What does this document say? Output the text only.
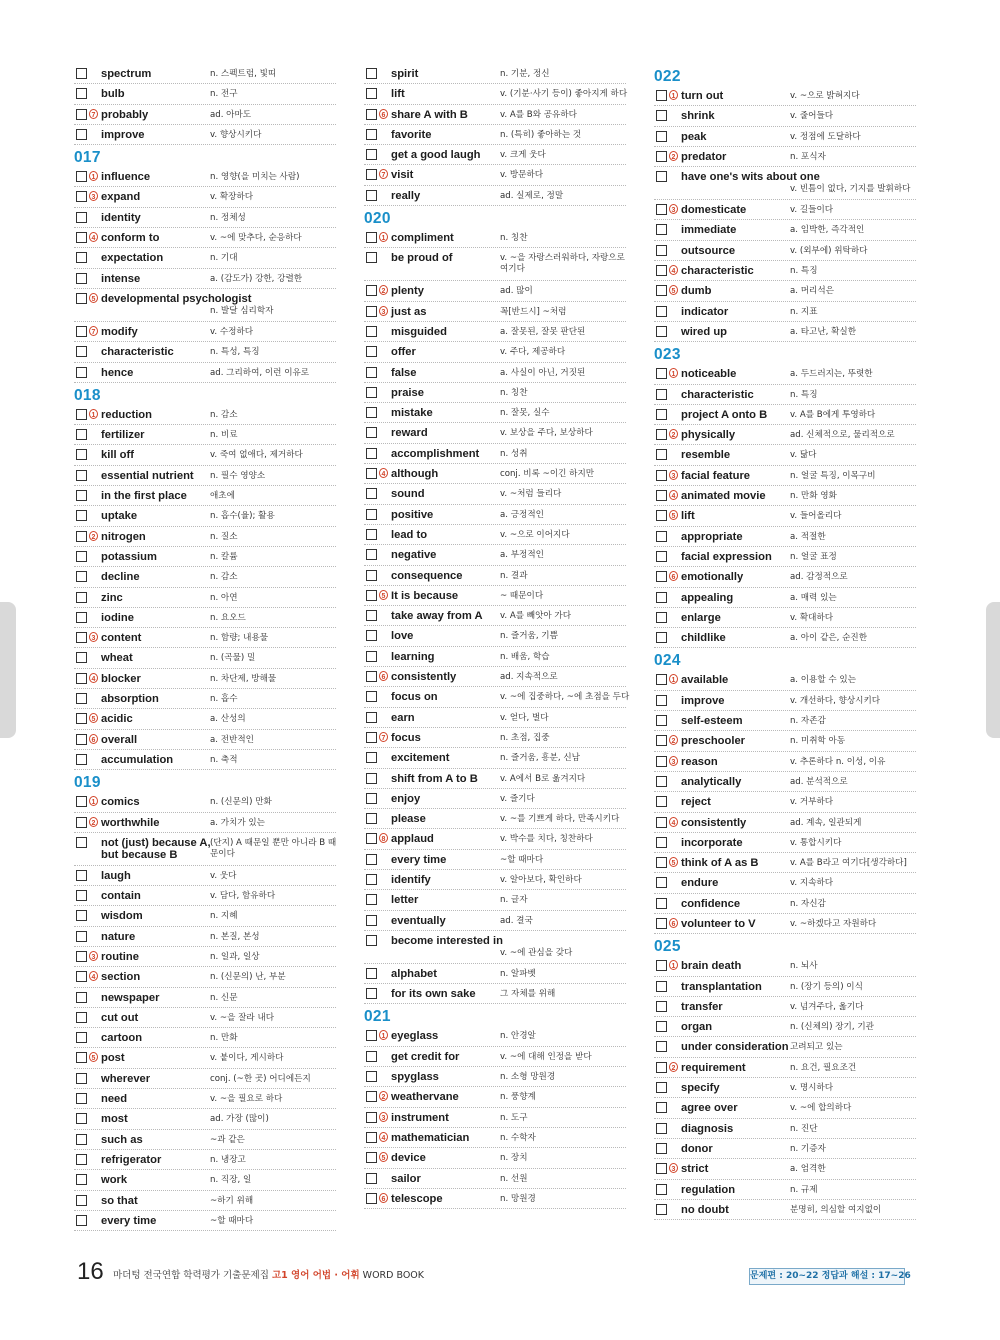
spectrum	n. 스펙트럼, 빛띠
bulb	n. 전구
7 probably	ad. 아마도
improve	v. 향상시키다
017
1 influence	n. 영향(을 미치는 사람)
3 expand	v. 확장하다
identity	n. 정체성
4 conform to	v. ~에 맞추다, 순응하다
expectation	n. 기대
intense	a. (감도가) 강한, 강렬한
5 developmental psychologist
n. 발달 심리학자
7 modify	v. 수정하다
characteristic	n. 특성, 특징
hence	ad. 그리하여, 이런 이유로
018
1 reduction	n. 감소
fertilizer	n. 비료
kill off	v. 죽여 없애다, 제거하다
essential nutrient n. 필수 영양소
in the first place	애초에
uptake	n. 흡수(율); 활용
2 nitrogen	n. 질소
potassium	n. 칼륨
decline	n. 감소
zinc	n. 아연
iodine	n. 요오드
3 content	n. 함량; 내용물
wheat	n. (곡물) 밀
4 blocker	n. 차단제, 방해물
absorption	n. 흡수
5 acidic	a. 산성의
6 overall	a. 전반적인
accumulation	n. 축적
019
1 comics	n. (신문의) 만화
2 worthwhile	a. 가치가 있는
not (just) because A, but because B
(단지) A 때문일 뿐만 아니라 B 때문이다
laugh	v. 웃다
contain	v. 담다, 함유하다
wisdom	n. 지혜
nature	n. 본질, 본성
3 routine	n. 일과, 일상
4 section	n. (신문의) 난, 부분
newspaper	n. 신문
cut out	v. ~을 잘라 내다
cartoon	n. 만화
5 post	v. 붙이다, 게시하다
wherever	conj. (~한 곳) 어디에든지
need	v. ~을 필요로 하다
most	ad. 가장 (많이)
such as	~과 같은
refrigerator	n. 냉장고
work	n. 직장, 일
so that	~하기 위해
every time	~할 때마다
spirit	n. 기분, 정신
lift	v. (기분·사기 등이) 좋아지게 하다
6 share A with B	v. A를 B와 공유하다
favorite	n. (특히) 좋아하는 것
get a good laugh v. 크게 웃다
7 visit	v. 방문하다
really	ad. 실제로, 정말
020
1 compliment	n. 칭찬
be proud of	v. ~을 자랑스러워하다, 자랑으로 여기다
2 plenty	ad. 많이
3 just as	꼭[반드시] ~처럼
misguided	a. 잘못된, 잘못 판단된
offer	v. 주다, 제공하다
false	a. 사실이 아닌, 거짓된
praise	n. 칭찬
mistake	n. 잘못, 실수
reward	v. 보상을 주다, 보상하다
accomplishment n. 성취
4 although	conj. 비록 ~이긴 하지만
sound	v. ~처럼 들리다
positive	a. 긍정적인
lead to	v. ~으로 이어지다
negative	a. 부정적인
consequence	n. 결과
5 It is because	~ 때문이다
take away from A v. A를 빼앗아 가다
love	n. 즐거움, 기쁨
learning	n. 배움, 학습
6 consistently	ad. 지속적으로
focus on	v. ~에 집중하다, ~에 초점을 두다
earn	v. 얻다, 벌다
7 focus	n. 초점, 집중
excitement	n. 즐거움, 흥분, 신남
shift from A to B	v. A에서 B로 옮겨지다
enjoy	v. 즐기다
please	v. ~를 기쁘게 하다, 만족시키다
8 applaud	v. 박수를 치다, 칭찬하다
every time	~할 때마다
identify	v. 알아보다, 확인하다
letter	n. 글자
eventually	ad. 결국
become interested in
v. ~에 관심을 갖다
alphabet	n. 알파벳
for its own sake	그 자체를 위해
021
1 eyeglass	n. 안경알
get credit for	v. ~에 대해 인정을 받다
spyglass	n. 소형 망원경
2 weathervane	n. 풍향계
3 instrument	n. 도구
4 mathematician	n. 수학자
5 device	n. 장치
sailor	n. 선원
6 telescope	n. 망원경
022
1 turn out	v. ~으로 밝혀지다
shrink	v. 줄어들다
peak	v. 정점에 도달하다
2 predator	n. 포식자
have one's wits about one
v. 빈틈이 없다, 기지를 발휘하다
3 domesticate	v. 길들이다
immediate	a. 임박한, 즉각적인
outsource	v. (외부에) 위탁하다
4 characteristic	n. 특징
5 dumb	a. 머리석은
indicator	n. 지표
wired up	a. 타고난, 확실한
023
1 noticeable	a. 두드러지는, 뚜렷한
characteristic	n. 특징
project A onto B	v. A를 B에게 투영하다
2 physically	ad. 신체적으로, 물리적으로
resemble	v. 닮다
3 facial feature	n. 얼굴 특징, 이목구비
4 animated movie	n. 만화 영화
5 lift	v. 들어올리다
appropriate	a. 적절한
facial expression n. 얼굴 표정
6 emotionally	ad. 감정적으로
appealing	a. 매력 있는
enlarge	v. 확대하다
childlike	a. 아이 같은, 순진한
024
1 available	a. 이용할 수 있는
improve	v. 개선하다, 향상시키다
self-esteem	n. 자존감
2 preschooler	n. 미취학 아동
3 reason	v. 추론하다 n. 이성, 이유
analytically	ad. 분석적으로
reject	v. 거부하다
4 consistently	ad. 계속, 일관되게
incorporate	v. 통합시키다
5 think of A as B	v. A를 B라고 여기다[생각하다]
endure	v. 지속하다
confidence	n. 자신감
6 volunteer to V	v. ~하겠다고 자원하다
025
1 brain death	n. 뇌사
transplantation	n. (장기 등의) 이식
transfer	v. 넘겨주다, 옮기다
organ	n. (신체의) 장기, 기관
under consideration 고려되고 있는
2 requirement	n. 요건, 필요조건
specify	v. 명시하다
agree over	v. ~에 합의하다
diagnosis	n. 진단
donor	n. 기증자
3 strict	a. 엄격한
regulation	n. 규제
no doubt	분명히, 의심할 여지없이
16 마더텅 전국연합 학력평가 기출문제집 고1 영어 어법 · 어휘 WORD BOOK	문제편 : 20~22 정답과 해설 : 17~26
